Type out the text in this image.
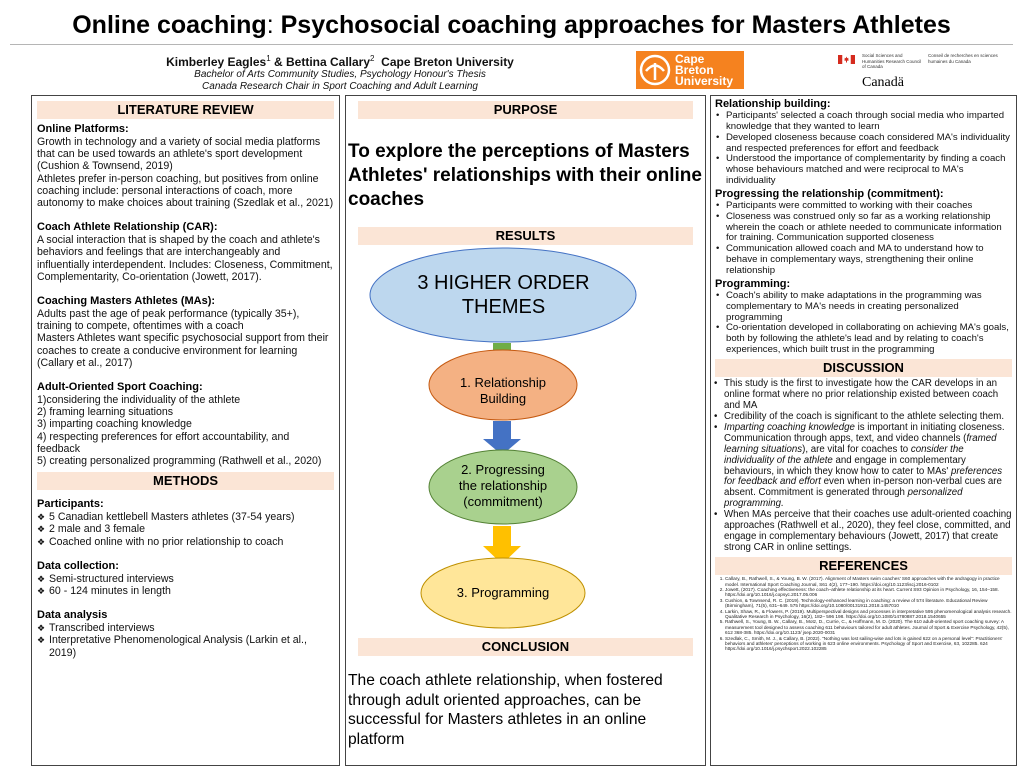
Online coaching: Psychosocial coaching approaches for Masters Athletes
Kimberley Eagles$^1$ & Bettina Callary$^2$ Cape Breton University
Bachelor of Arts Community Studies, Psychology Honour's Thesis
Canada Research Chair in Sport Coaching and Adult Learning
Cape
Breton
University
Social Sciences and Humanities Research Council of Canada
Conseil de recherches en sciences humaines du Canada
Canadä
LITERATURE REVIEW
Online Platforms:

Growth in technology and a variety of social media platforms that can be used towards an athlete's sport development (Cushion & Townsend, 2019)

Athletes prefer in-person coaching, but positives from online coaching include: personal interactions of coach, more autonomy to make choices about training (Szedlak et al., 2021)

Coach Athlete Relationship (CAR):

A social interaction that is shaped by the coach and athlete's behaviors and feelings that are interchangeably and influentially interdependent. Includes: Closeness, Commitment, Complementarity, Co-orientation (Jowett, 2017).

Coaching Masters Athletes (MAs):

Adults past the age of peak performance (typically 35+), training to compete, oftentimes with a coach

Masters Athletes want specific psychosocial support from their coaches to create a conducive environment for learning (Callary et al., 2017)

Adult-Oriented Sport Coaching:

1)considering the individuality of the athlete

2) framing learning situations

3) imparting coaching knowledge

4) respecting preferences for effort accountability, and feedback

5) creating personalized programming (Rathwell et al., 2020)

METHODS
Participants:
❖ 5 Canadian kettlebell Masters athletes (37-54 years)
❖ 2 male and 3 female
❖ Coached online with no prior relationship to coach
Data collection:
❖ Semi-structured interviews
❖ 60 - 124 minutes in length
Data analysis
❖ Transcribed interviews
❖ Interpretative Phenomenological Analysis (Larkin et al., 2019)
PURPOSE
To explore the perceptions of Masters Athletes' relationships with their online coaches
RESULTS
3 HIGHER ORDER
THEMES
1. Relationship
Building
2. Progressing
the relationship
(commitment)
3. Programming
CONCLUSION
The coach athlete relationship, when fostered through adult oriented approaches, can be successful for Masters athletes in an online platform
Relationship building:
• Participants' selected a coach through social media who imparted knowledge that they wanted to learn
• Developed closeness because coach considered MA's individuality and respected preferences for effort and feedback
• Understood the importance of complementarity by finding a coach whose behaviours matched and were reciprocal to MA's individuality
Progressing the relationship (commitment):
• Participants were committed to working with their coaches
• Closeness was construed only so far as a working relationship wherein the coach or athlete needed to communicate information for training. Communication supported closeness
• Communication allowed coach and MA to understand how to behave in complementary ways, strengthening their online relationship
Programming:
• Coach's ability to make adaptations in the programming was complementary to MA's needs in creating personalized programming
• Co-orientation developed in collaborating on achieving MA's goals, both by following the athlete's lead and by relating to coach's experiences, which built trust in the programming
DISCUSSION
• This study is the first to investigate how the CAR develops in an online format where no prior relationship existed between coach and MA
• Credibility of the coach is significant to the athlete selecting them.
• Imparting coaching knowledge is important in initiating closeness. Communication through apps, text, and video channels (framed learning situations), are vital for coaches to consider the individuality of the athlete and engage in complementary behaviours, in which they know how to cater to MAs' preferences for feedback and effort even when in-person non-verbal cues are absent. Commitment is generated through personalized programming.
• When MAs perceive that their coaches use adult-oriented coaching approaches (Rathwell et al., 2020), they feel close, committed, and engage in complementary behaviours (Jowett, 2017) that create strong CAR in online settings.
REFERENCES
1. Callary, B., Rathwell, S., & Young, B. W. (2017). Alignment of Masters swim coaches' S60 approaches with the andragogy in practice model. International Sport Coaching Journal, S61 4(2), 177–190. https://doi.org/10.1123/iscj.2016-0102
2. Jowett, (2017). Coaching effectiveness: the coach–athlete relationship at its heart. Current S93 Opinion in Psychology, 16, 154–158. https://doi.org/10.1016/j.copsyc.2017.05.006
3. Cushion, & Townsend, R. C. (2019). Technology-enhanced learning in coaching: a review of 574 literature. Educational Review (Birmingham), 71(5), 631–649. 575 https://doi.org/10.1080/00131911.2018.1457010
4. Larkin, Shaw, R., & Flowers, P. (2019). Multiperspectival designs and processes in interpretative 595 phenomenological analysis research. Qualitative Research in Psychology, 16(2), 182– 596 198. https://doi.org/10.1080/14780887.2018.1540655
5. Rathwell, S., Young, B. W., Callary, B., Motz, D., Currie, C., & Hoffmann, M. D. (2020). The 610 adult-oriented sport coaching survey: A measurement tool designed to assess coaching 611 behaviours tailored for adult athletes. Journal of Sport & Exercise Psychology, 42(5), 612 368-385. https://doi.org/10.1123/ jsep.2020-0031
6. Szedlak, C., Smith, M. J., & Callary, B. (2022). "Nothing was lost sailing-wise and lots is gained 622 on a personal level": Practitioners' behaviors and athletes' perceptions of working in 623 online environments. Psychology of Sport and Exercise, 63, 102285. 624 https://doi.org/10.1016/j.psychsport.2022.102285
